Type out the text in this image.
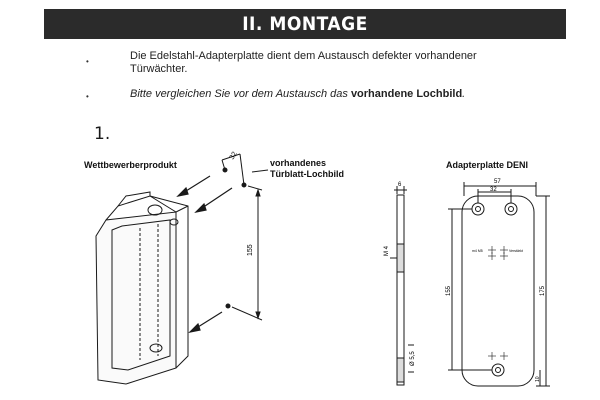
II. MONTAGE
•	Die Edelstahl-Adapterplatte dient dem Austausch defekter vorhandener
Türwächter.
•	Bitte vergleichen Sie vor dem Austausch das vorhandene Lochbild.
1.
Wettbewerberprodukt	vorhandenes
Türblatt-Lochbild
Adapterplatte DENI
32
155
6
M 4
Ø 5,5
57
32
155	175
10
m4 M5	Verstärkt
